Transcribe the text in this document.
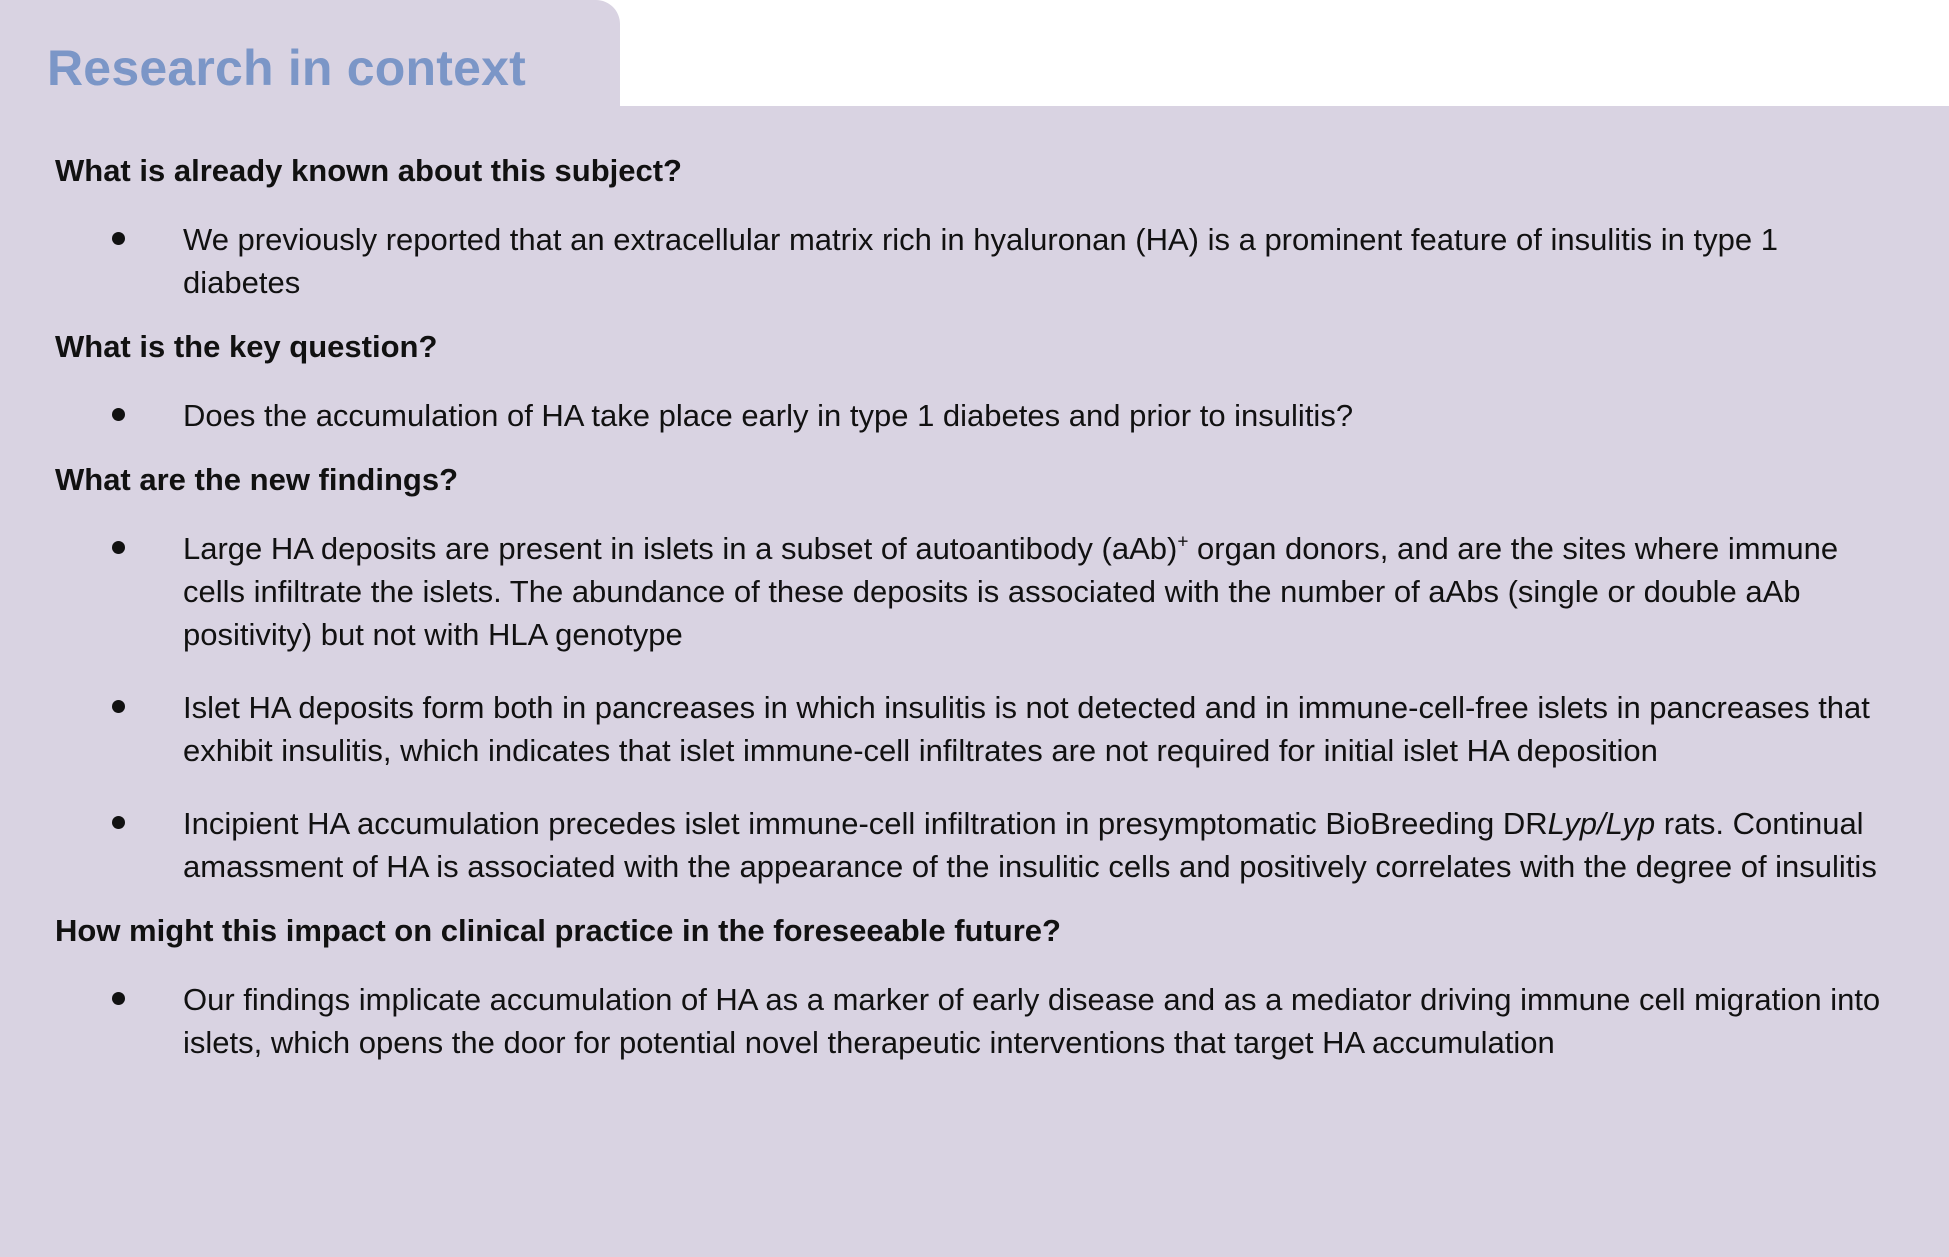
Research in context
What is already known about this subject?
We previously reported that an extracellular matrix rich in hyaluronan (HA) is a prominent feature of insulitis in type 1 diabetes
What is the key question?
Does the accumulation of HA take place early in type 1 diabetes and prior to insulitis?
What are the new findings?
Large HA deposits are present in islets in a subset of autoantibody (aAb)+ organ donors, and are the sites where immune cells infiltrate the islets. The abundance of these deposits is associated with the number of aAbs (single or double aAb positivity) but not with HLA genotype
Islet HA deposits form both in pancreases in which insulitis is not detected and in immune-cell-free islets in pancreases that exhibit insulitis, which indicates that islet immune-cell infiltrates are not required for initial islet HA deposition
Incipient HA accumulation precedes islet immune-cell infiltration in presymptomatic BioBreeding DRLyp/Lyp rats. Continual amassment of HA is associated with the appearance of the insulitic cells and positively correlates with the degree of insulitis
How might this impact on clinical practice in the foreseeable future?
Our findings implicate accumulation of HA as a marker of early disease and as a mediator driving immune cell migration into islets, which opens the door for potential novel therapeutic interventions that target HA accumulation
